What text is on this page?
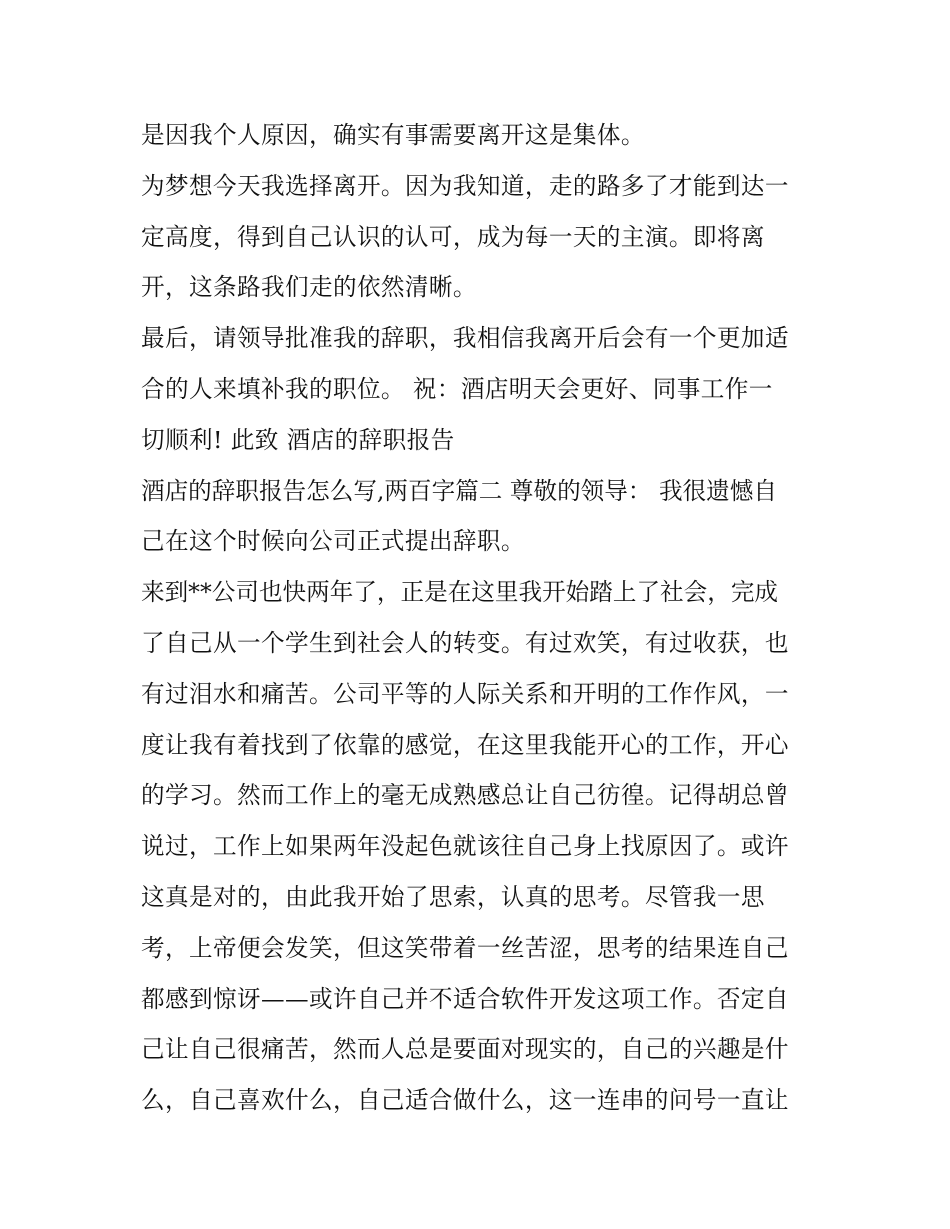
是因我个人原因，确实有事需要离开这是集体。
为梦想今天我选择离开。因为我知道，走的路多了才能到达一
定高度，得到自己认识的认可，成为每一天的主演。即将离
开，这条路我们走的依然清晰。
最后，请领导批准我的辞职，我相信我离开后会有一个更加适
合的人来填补我的职位。 祝：酒店明天会更好、同事工作一
切顺利! 此致 酒店的辞职报告
酒店的辞职报告怎么写,两百字篇二 尊敬的领导： 我很遗憾自
己在这个时候向公司正式提出辞职。
来到**公司也快两年了，正是在这里我开始踏上了社会，完成
了自己从一个学生到社会人的转变。有过欢笑，有过收获，也
有过泪水和痛苦。公司平等的人际关系和开明的工作作风，一
度让我有着找到了依靠的感觉，在这里我能开心的工作，开心
的学习。然而工作上的毫无成熟感总让自己彷徨。记得胡总曾
说过，工作上如果两年没起色就该往自己身上找原因了。或许
这真是对的，由此我开始了思索，认真的思考。尽管我一思
考，上帝便会发笑，但这笑带着一丝苦涩，思考的结果连自己
都感到惊讶——或许自己并不适合软件开发这项工作。否定自
己让自己很痛苦，然而人总是要面对现实的，自己的兴趣是什
么，自己喜欢什么，自己适合做什么，这一连串的问号一直让
